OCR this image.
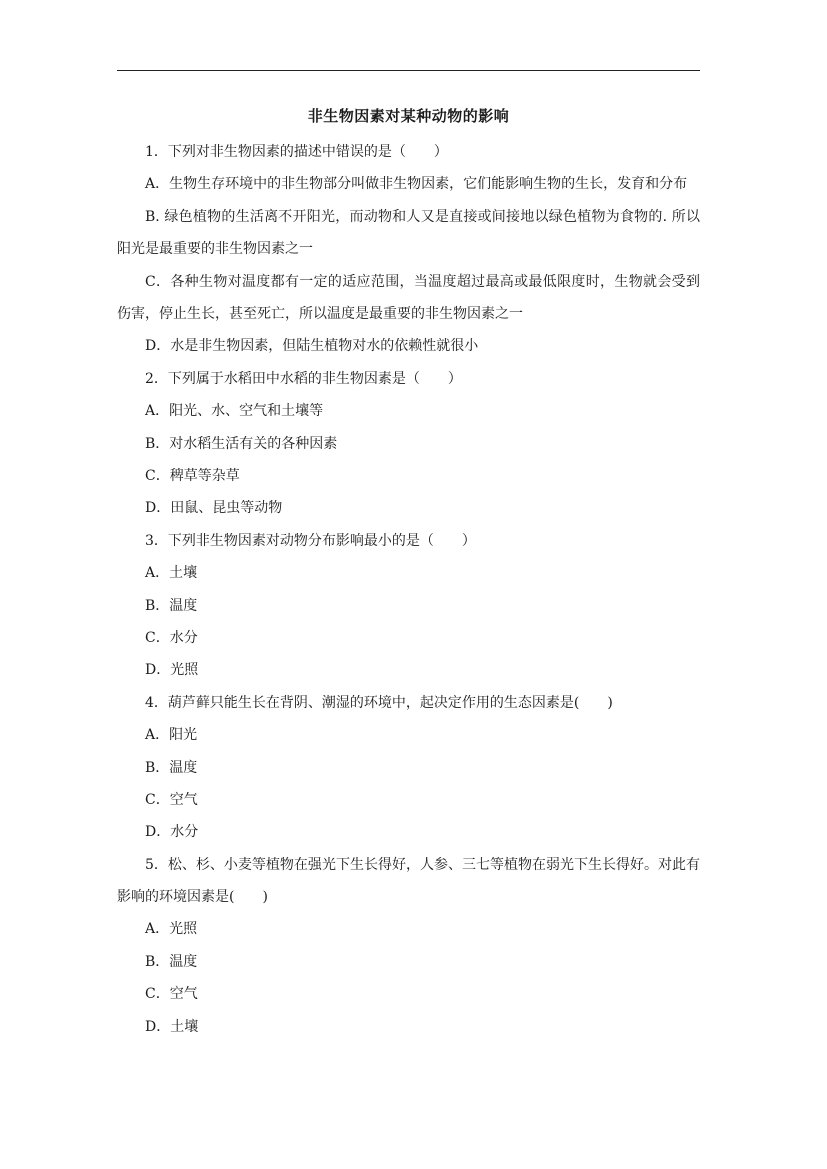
非生物因素对某种动物的影响
1．下列对非生物因素的描述中错误的是（　　）
A．生物生存环境中的非生物部分叫做非生物因素，它们能影响生物的生长，发育和分布
B. 绿色植物的生活离不开阳光，而动物和人又是直接或间接地以绿色植物为食物的. 所以阳光是最重要的非生物因素之一
C．各种生物对温度都有一定的适应范围，当温度超过最高或最低限度时，生物就会受到伤害，停止生长，甚至死亡，所以温度是最重要的非生物因素之一
D．水是非生物因素，但陆生植物对水的依赖性就很小
2．下列属于水稻田中水稻的非生物因素是（　　）
A．阳光、水、空气和土壤等
B．对水稻生活有关的各种因素
C．稗草等杂草
D．田鼠、昆虫等动物
3．下列非生物因素对动物分布影响最小的是（　　）
A．土壤
B．温度
C．水分
D．光照
4．葫芦藓只能生长在背阴、潮湿的环境中，起决定作用的生态因素是(　　)
A．阳光
B．温度
C．空气
D．水分
5．松、杉、小麦等植物在强光下生长得好，人参、三七等植物在弱光下生长得好。对此有影响的环境因素是(　　)
A．光照
B．温度
C．空气
D．土壤
